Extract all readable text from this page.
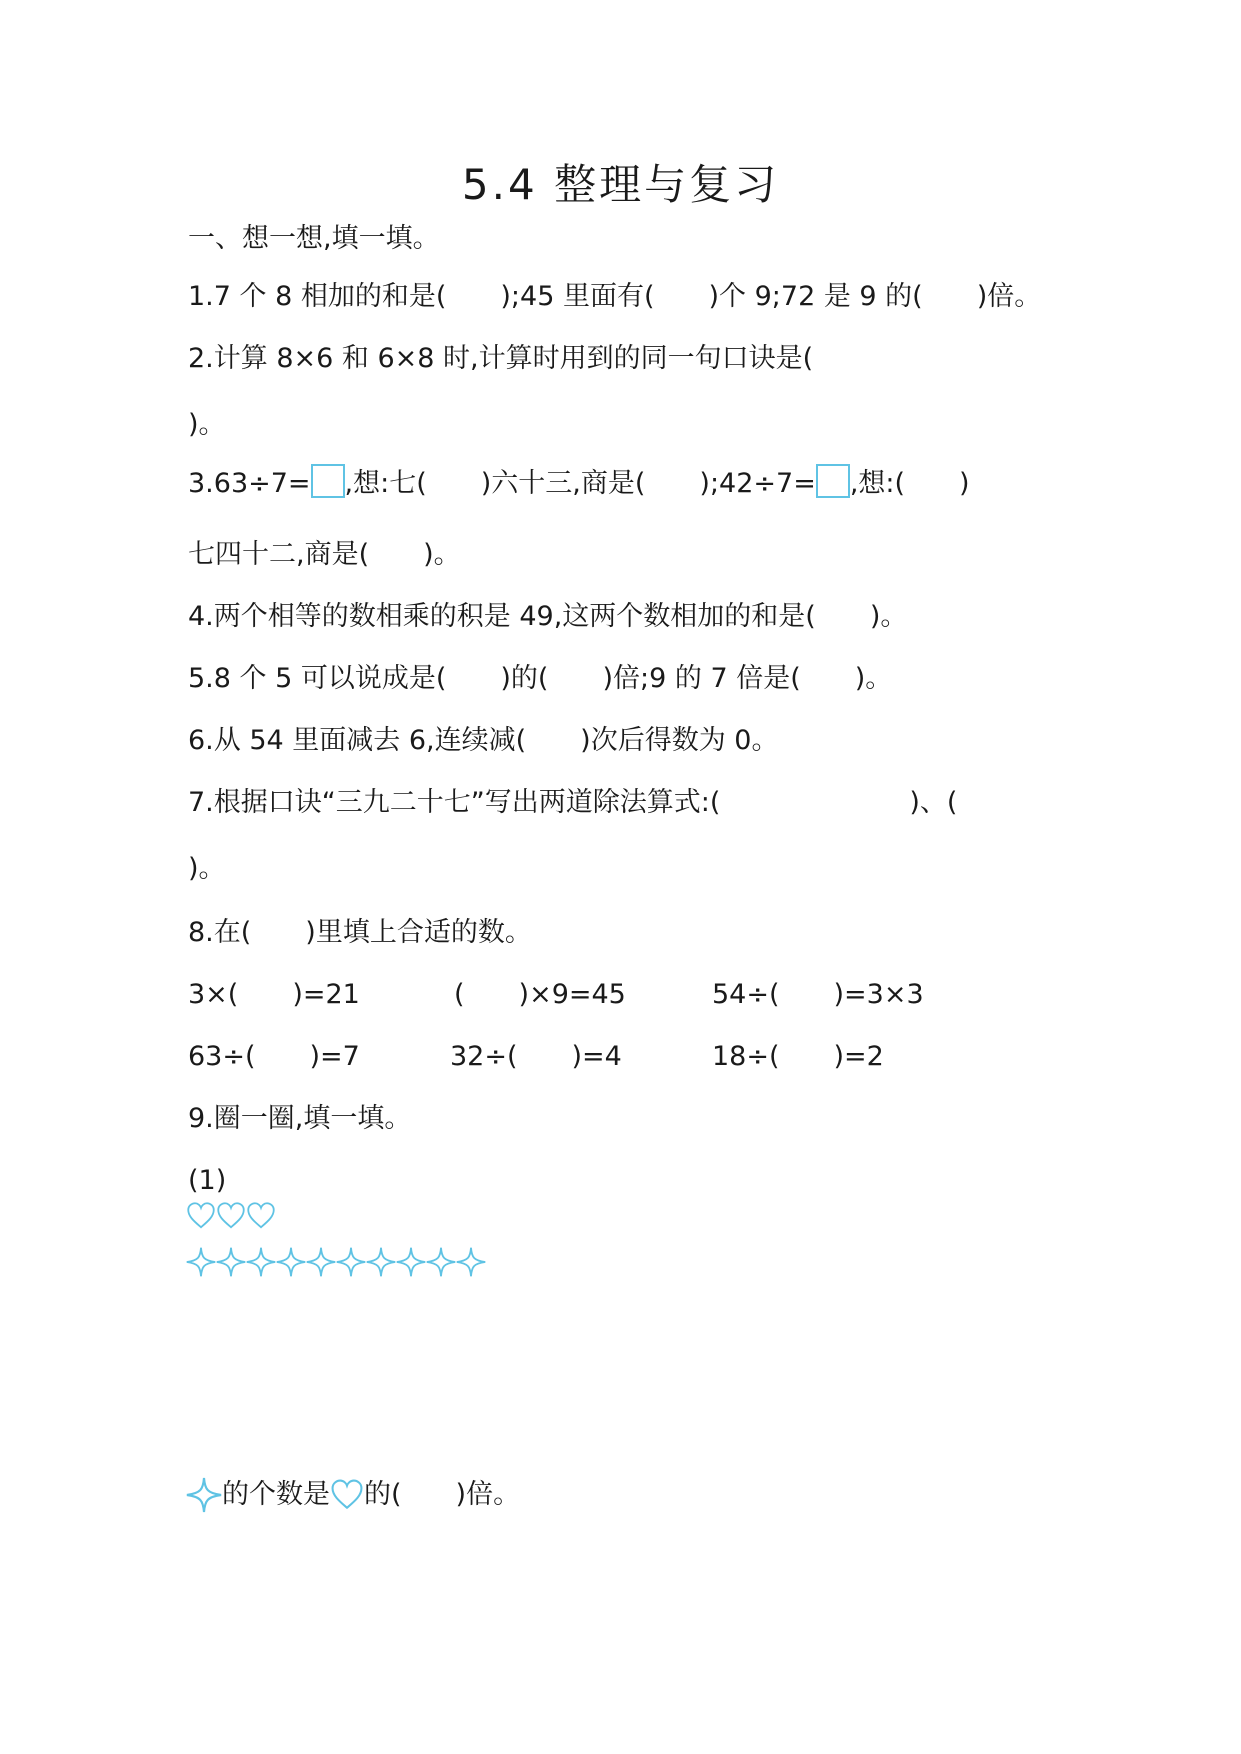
5.4 整理与复习
一、想一想,填一填。
1.7 个 8 相加的和是(　　);45 里面有(　　)个 9;72 是 9 的(　　)倍。
2.计算 8×6 和 6×8 时,计算时用到的同一句口诀是(
)。
3.63÷7= ,想:七(　　)六十三,商是(　　);42÷7= ,想:(　　)
七四十二,商是(　　)。
4.两个相等的数相乘的积是 49,这两个数相加的和是(　　)。
5.8 个 5 可以说成是(　　)的(　　)倍;9 的 7 倍是(　　)。
6.从 54 里面减去 6,连续减(　　)次后得数为 0。
7.根据口诀“三九二十七”写出两道除法算式:(　　　　　　　)、(
)。
8.在(　　)里填上合适的数。
3×(　　)=21	(　　)×9=45	54÷(　　)=3×3
63÷(　　)=7	32÷(　　)=4	18÷(　　)=2
9.圈一圈,填一填。
(1)
的个数是 的(　　)倍。
